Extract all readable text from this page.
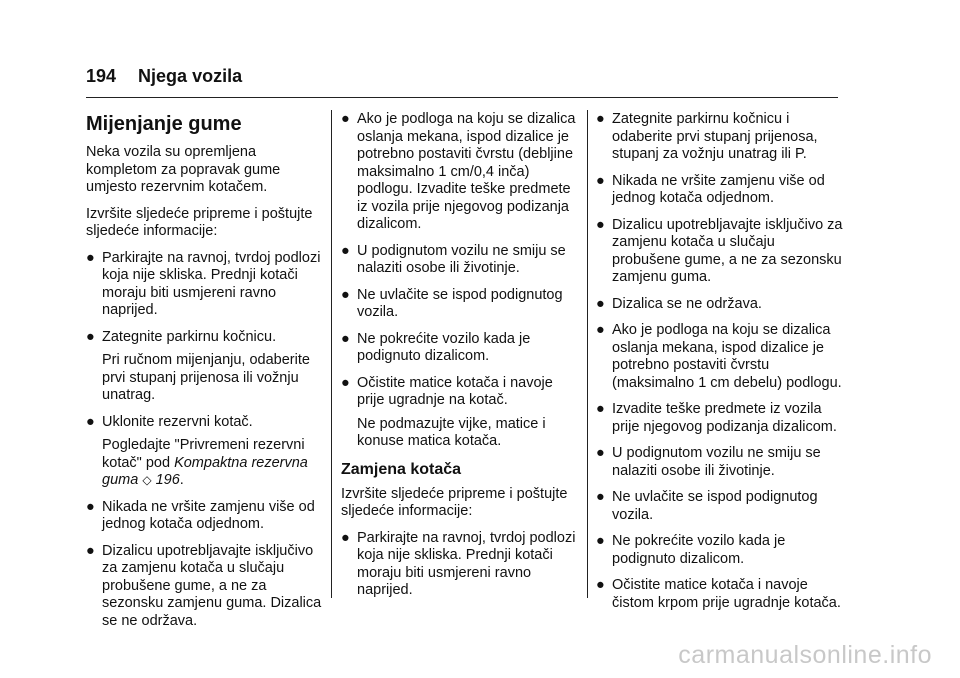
194 Njega vozila
Mijenjanje gume

Neka vozila su opremljena kompletom za popravak gume umjesto rezervnim kotačem.

Izvršite sljedeće pripreme i poštujte sljedeće informacije:

● Parkirajte na ravnoj, tvrdoj podlozi koja nije skliska. Prednji kotači moraju biti usmjereni ravno naprijed.
● Zategnite parkirnu kočnicu.
Pri ručnom mijenjanju, odaberite prvi stupanj prijenosa ili vožnju unatrag.
● Uklonite rezervni kotač.
Pogledajte "Privremeni rezervni kotač" pod Kompaktna rezervna guma ◇ 196.
● Nikada ne vršite zamjenu više od jednog kotača odjednom.
● Dizalicu upotrebljavajte isključivo za zamjenu kotača u slučaju probušene gume, a ne za sezonsku zamjenu guma. Dizalica se ne održava.
● Ako je podloga na koju se dizalica oslanja mekana, ispod dizalice je potrebno postaviti čvrstu (debljine maksimalno 1 cm/0,4 inča) podlogu. Izvadite teške predmete iz vozila prije njegovog podizanja dizalicom.
● U podignutom vozilu ne smiju se nalaziti osobe ili životinje.
● Ne uvlačite se ispod podignutog vozila.
● Ne pokrećite vozilo kada je podignuto dizalicom.
● Očistite matice kotača i navoje prije ugradnje na kotač.
Ne podmazujte vijke, matice i konuse matica kotača.
Zamjena kotača

Izvršite sljedeće pripreme i poštujte sljedeće informacije:

● Parkirajte na ravnoj, tvrdoj podlozi koja nije skliska. Prednji kotači moraju biti usmjereni ravno naprijed.
● Zategnite parkirnu kočnicu i odaberite prvi stupanj prijenosa, stupanj za vožnju unatrag ili P.
● Nikada ne vršite zamjenu više od jednog kotača odjednom.
● Dizalicu upotrebljavajte isključivo za zamjenu kotača u slučaju probušene gume, a ne za sezonsku zamjenu guma.
● Dizalica se ne održava.
● Ako je podloga na koju se dizalica oslanja mekana, ispod dizalice je potrebno postaviti čvrstu (maksimalno 1 cm debelu) podlogu.
● Izvadite teške predmete iz vozila prije njegovog podizanja dizalicom.
● U podignutom vozilu ne smiju se nalaziti osobe ili životinje.
● Ne uvlačite se ispod podignutog vozila.
● Ne pokrećite vozilo kada je podignuto dizalicom.
● Očistite matice kotača i navoje čistom krpom prije ugradnje kotača.
carmanualsonline.info
